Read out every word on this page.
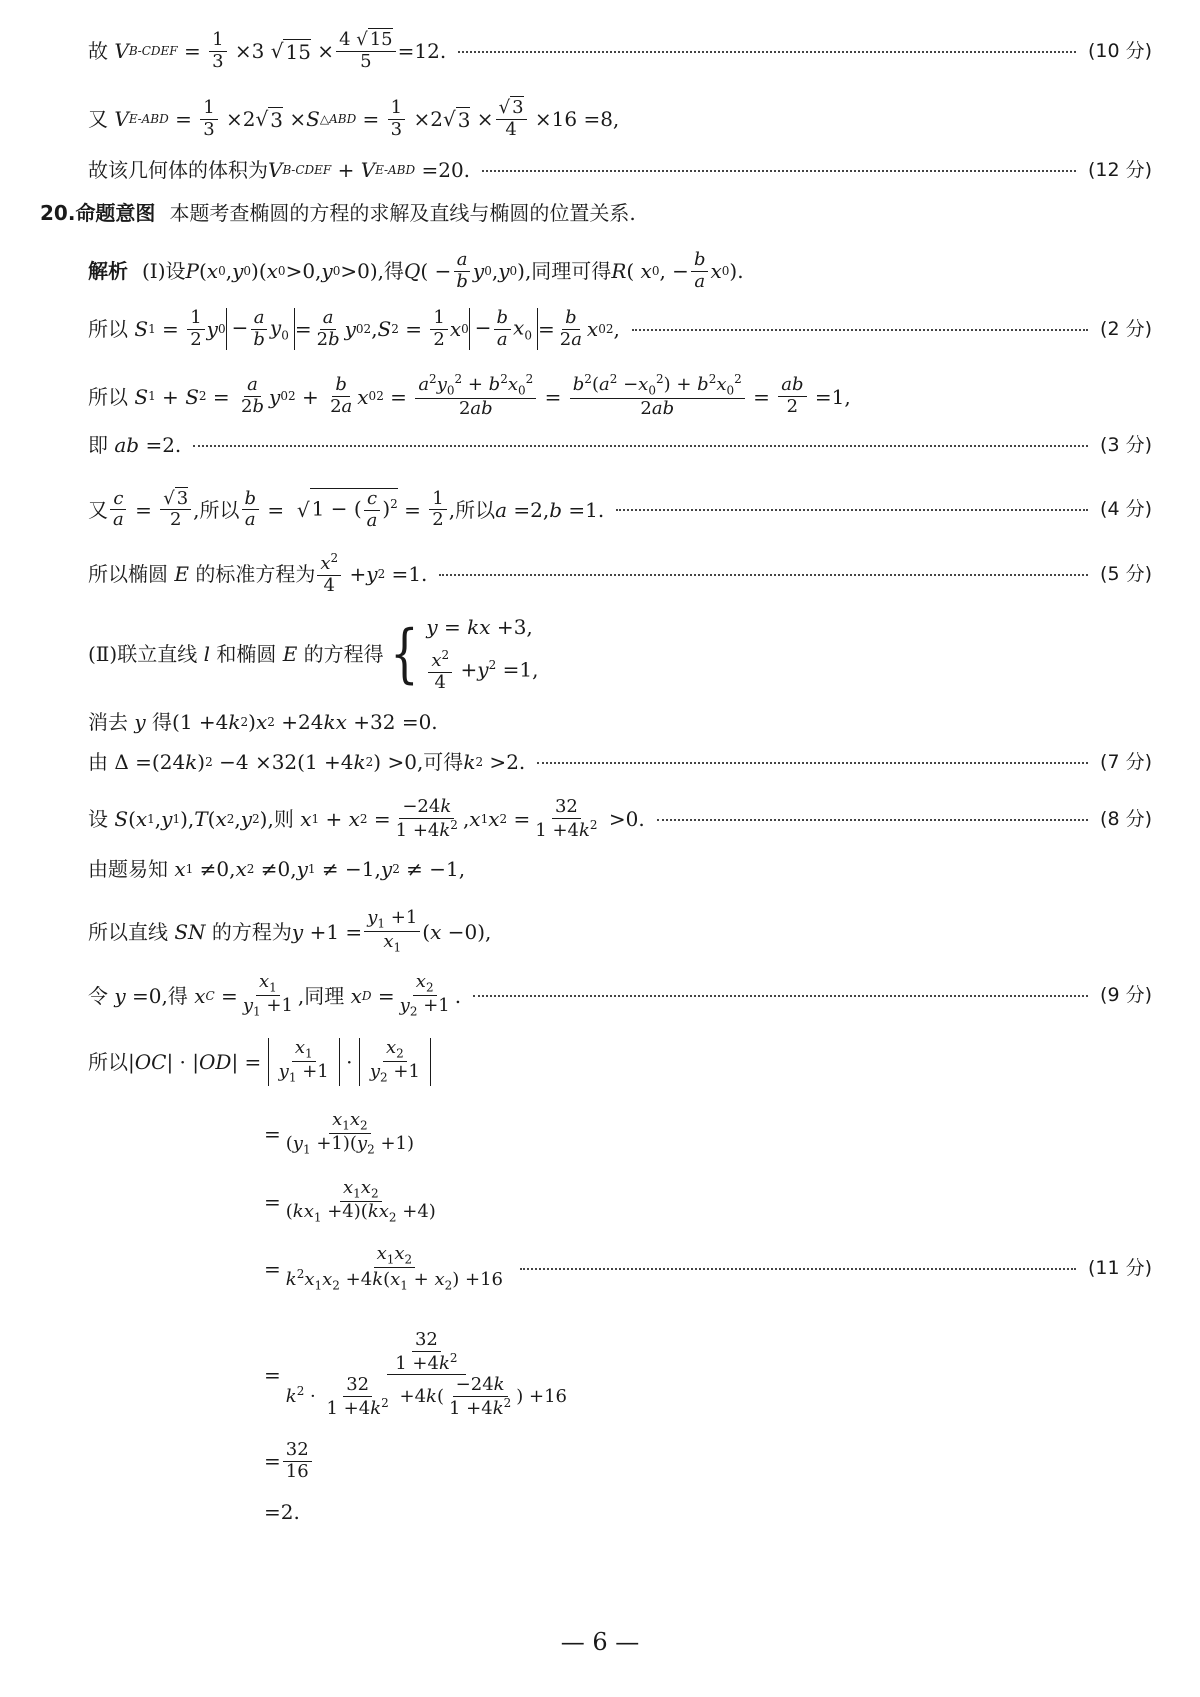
故
V B-CDEF = $\frac{1}{3} \times 3$ √ $15 \times \frac{4 √ 15}{5} =12$.	(10 分)
又
V $E-ABD = \frac{1}{3} \times 2√$ 3 × S △ABD = $\frac{1}{3} \times 2√$ $3 \times \frac{√ 3}{4} \times 16 =8$,
故该几何体的体积为 V B-CDEF + V E-ABD
=20.	(12 分)
20. 命题意图 本题考查椭圆的方程的求解及直线与椭圆的位置关系.
解析 (Ⅰ)设 P ( x 0 , y 0 )( x 0 >0, y 0 >0) ,得 Q ( − $\frac{a}{b}$ y 0 , y 0 ) ,同理可得 R ( x 0 , − $\frac{b}{a}$ x 0 ).
所以
S $1 = \frac{1}{2}$ y $0 - \frac{a}{b} y_0 = \frac{a}{2b}$ y 0 2 , S $2 = \frac{1}{2}$ x $0 - \frac{b}{a} x_0 = \frac{b}{2a}$ x 0 2 ,	(2 分)
所以
S 1 + S $2 = \frac{a}{2b}$ y 0 $2 + \frac{b}{2a}$ x 0 $2 = \frac{a^2y_0^2 + b^2x_0^2}{2ab} = \frac{b^2(a^2 -x_0^2) + b^2x_0^2}{2ab} = \frac{ab}{2} =1$,
即
ab =2.	(3 分)
又 $\frac{c}{a} = \frac{√ 3}{2}$ ,所以 $\frac{b}{a}$ =  √ 1 − ( $\frac{c}{a} )^2 = \frac{1}{2}$ ,所以 a =2, b =1.	(4 分)
所以椭圆
E
的标准方程为 $\frac{x^2}{4} + y$ 2 =1.	(5 分)
(Ⅱ)联立直线
l
和椭圆
E
的方程得 { y = kx +3,
$\frac{x^2}{4} +y^2 =1$,
消去
y
得 (1 +4 k 2 ) x 2 +24 kx +32 =0.
由 Δ =(24 k ) 2 −4 ×32(1 +4 k 2 ) >0 ,可得 k 2 >2.	(7 分)
设
S ( x 1 , y 1 ), T ( x 2 , y 2 ) ,则
x 1 + x $2 = \frac{-24k}{1 +4k^2}$ , x 1 x $2 = \frac{32}{1 +4k^2} >0$.	(8 分)
由题易知
x 1 ≠0, x 2 ≠0, y 1 ≠ −1, y 2 ≠ −1,
所以直线
SN
的方程为 $y +1 = \frac{y_1 +1}{x_1}$ ( x −0),
令
y =0 ,得
x $C = \frac{x_1}{y_1 +1}$ ,同理
x $D = \frac{x_2}{y_2 +1}$ .	(9 分)
所以 | OC | · | OD | = $\frac{x_1}{y_1 +1} \cdot \frac{x_2}{y_2 +1}$
= $\frac{x_1x_2}{(y_1 +1)(y_2 +1)}$
= $\frac{x_1x_2}{(kx_1 +4)(kx_2 +4)}$
= $\frac{x_1x_2}{k^2x_1x_2 +4k(x_1 + x_2) +16}$	(11 分)
= $\frac{\frac{32}{1 +4k^2}}{k^2 \cdot \frac{32}{1 +4k^2} +4k( \frac{-24k}{1 +4k^2} ) +16}$
= $\frac{32}{16}$
=2.
— 6 —
